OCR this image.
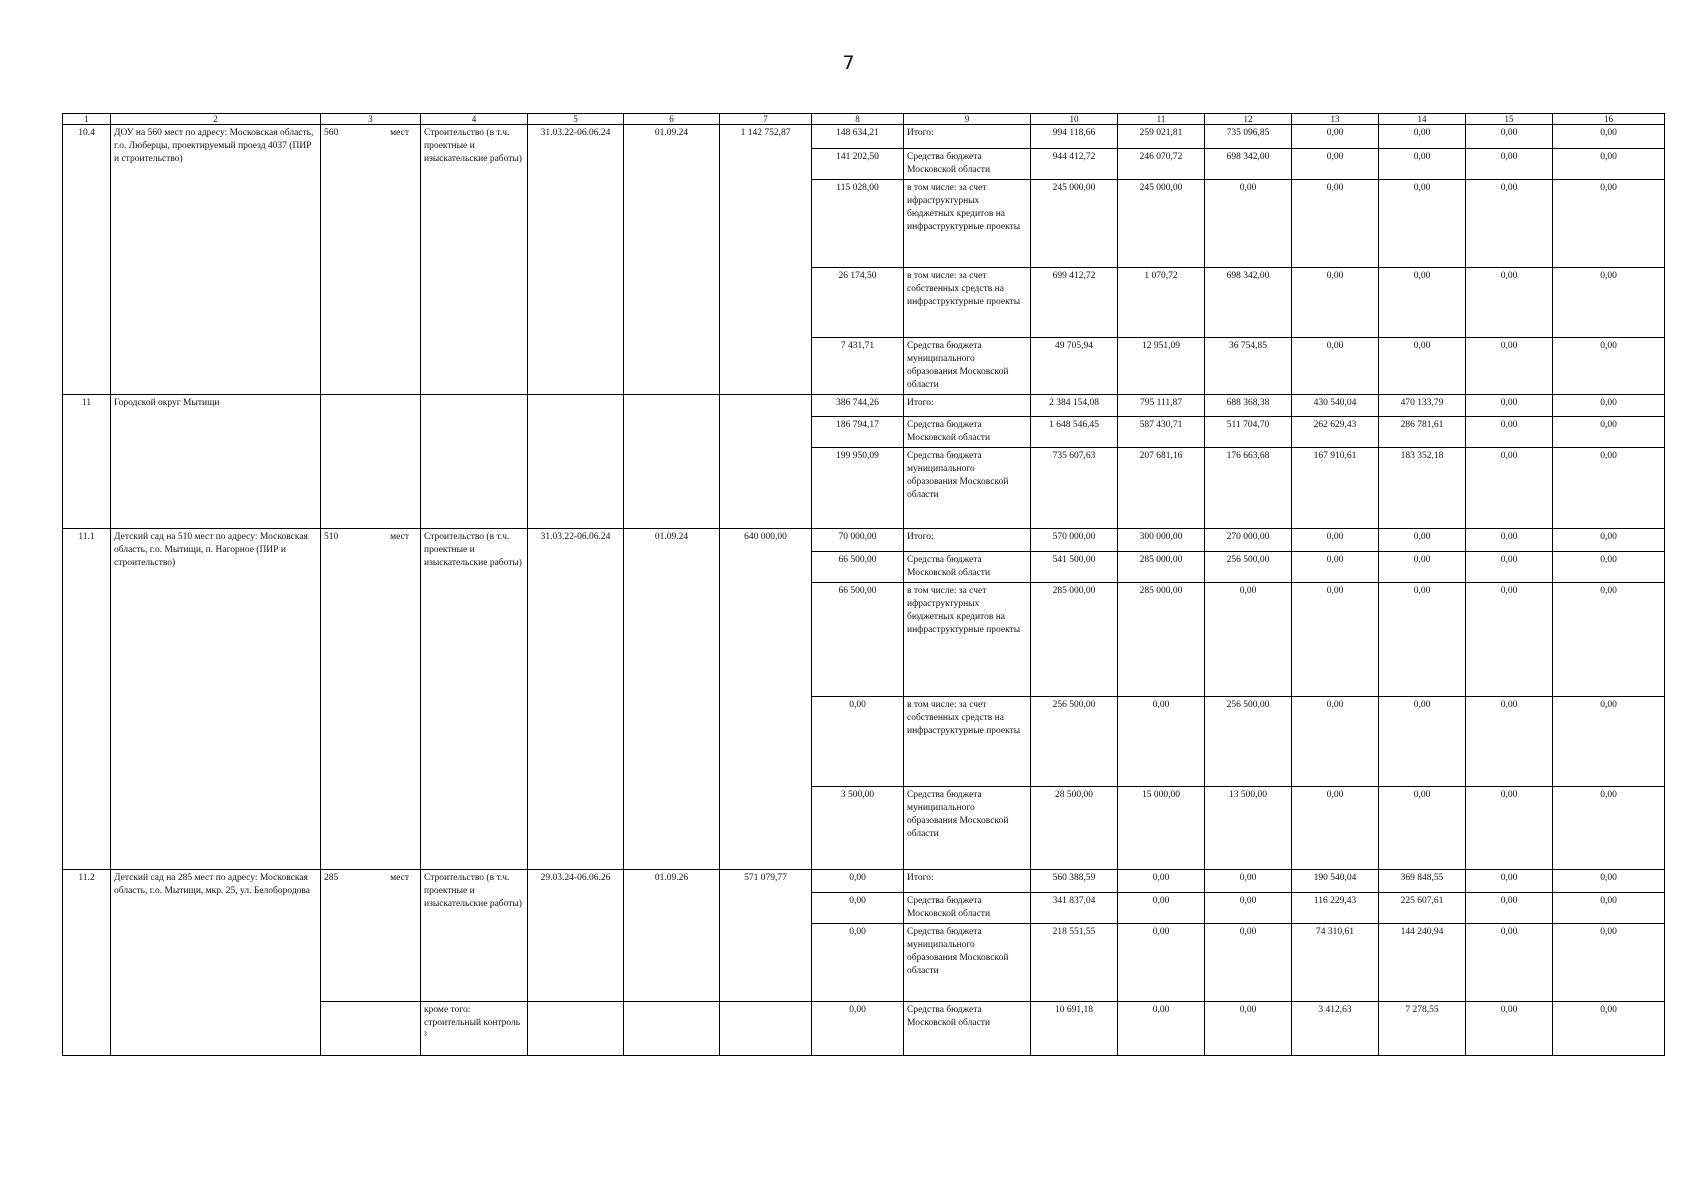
7
1	2	3	4	5	6	7	8	9	10	11	12	13	14	15	16
10.4	ДОУ на 560 мест по адресу: Московская область, г.о. Люберцы, проектируемый проезд 4037 (ПИР и строительство)	560 мест	Строительство (в т.ч. проектные и изыскательские работы)	31.03.22-06.06.24	01.09.24	1 142 752,87	148 634,21	Итого:	994 118,66	259 021,81	735 096,85	0,00	0,00	0,00	0,00
							141 202,50	Средства бюджета Московской области	944 412,72	246 070,72	698 342,00	0,00	0,00	0,00	0,00
							115 028,00	в том числе: за счет ифраструктурных бюджетных кредитов на инфраструктурные проекты	245 000,00	245 000,00	0,00	0,00	0,00	0,00	0,00
							26 174,50	в том числе: за счет собственных средств на инфраструктурные проекты	699 412,72	1 070,72	698 342,00	0,00	0,00	0,00	0,00
							7 431,71	Средства бюджета муниципального образования Московской области	49 705,94	12 951,09	36 754,85	0,00	0,00	0,00	0,00
11	Городской округ Мытищи						386 744,26	Итого:	2 384 154,08	795 111,87	688 368,38	430 540,04	470 133,79	0,00	0,00
							186 794,17	Средства бюджета Московской области	1 648 546,45	587 430,71	511 704,70	262 629,43	286 781,61	0,00	0,00
							199 950,09	Средства бюджета муниципального образования Московской области	735 607,63	207 681,16	176 663,68	167 910,61	183 352,18	0,00	0,00
11.1	Детский сад на 510 мест по адресу: Московская область, г.о. Мытищи, п. Нагорное (ПИР и строительство)	510 мест	Строительство (в т.ч. проектные и изыскательские работы)	31.03.22-06.06.24	01.09.24	640 000,00	70 000,00	Итого:	570 000,00	300 000,00	270 000,00	0,00	0,00	0,00	0,00
							66 500,00	Средства бюджета Московской области	541 500,00	285 000,00	256 500,00	0,00	0,00	0,00	0,00
							66 500,00	в том числе: за счет ифраструктурных бюджетных кредитов на инфраструктурные проекты	285 000,00	285 000,00	0,00	0,00	0,00	0,00	0,00
							0,00	в том числе: за счет собственных средств на инфраструктурные проекты	256 500,00	0,00	256 500,00	0,00	0,00	0,00	0,00
							3 500,00	Средства бюджета муниципального образования Московской области	28 500,00	15 000,00	13 500,00	0,00	0,00	0,00	0,00
11.2	Детский сад на 285 мест по адресу: Московская область, г.о. Мытищи, мкр. 25, ул. Белобородова	285 мест	Строительство (в т.ч. проектные и изыскательские работы)	29.03.24-06.06.26	01.09.26	571 079,77	0,00	Итого:	560 388,59	0,00	0,00	190 540,04	369 848,55	0,00	0,00
							0,00	Средства бюджета Московской области	341 837,04	0,00	0,00	116 229,43	225 607,61	0,00	0,00
							0,00	Средства бюджета муниципального образования Московской области	218 551,55	0,00	0,00	74 310,61	144 240,94	0,00	0,00
			кроме того: строительный контроль ³				0,00	Средства бюджета Московской области	10 691,18	0,00	0,00	3 412,63	7 278,55	0,00	0,00
